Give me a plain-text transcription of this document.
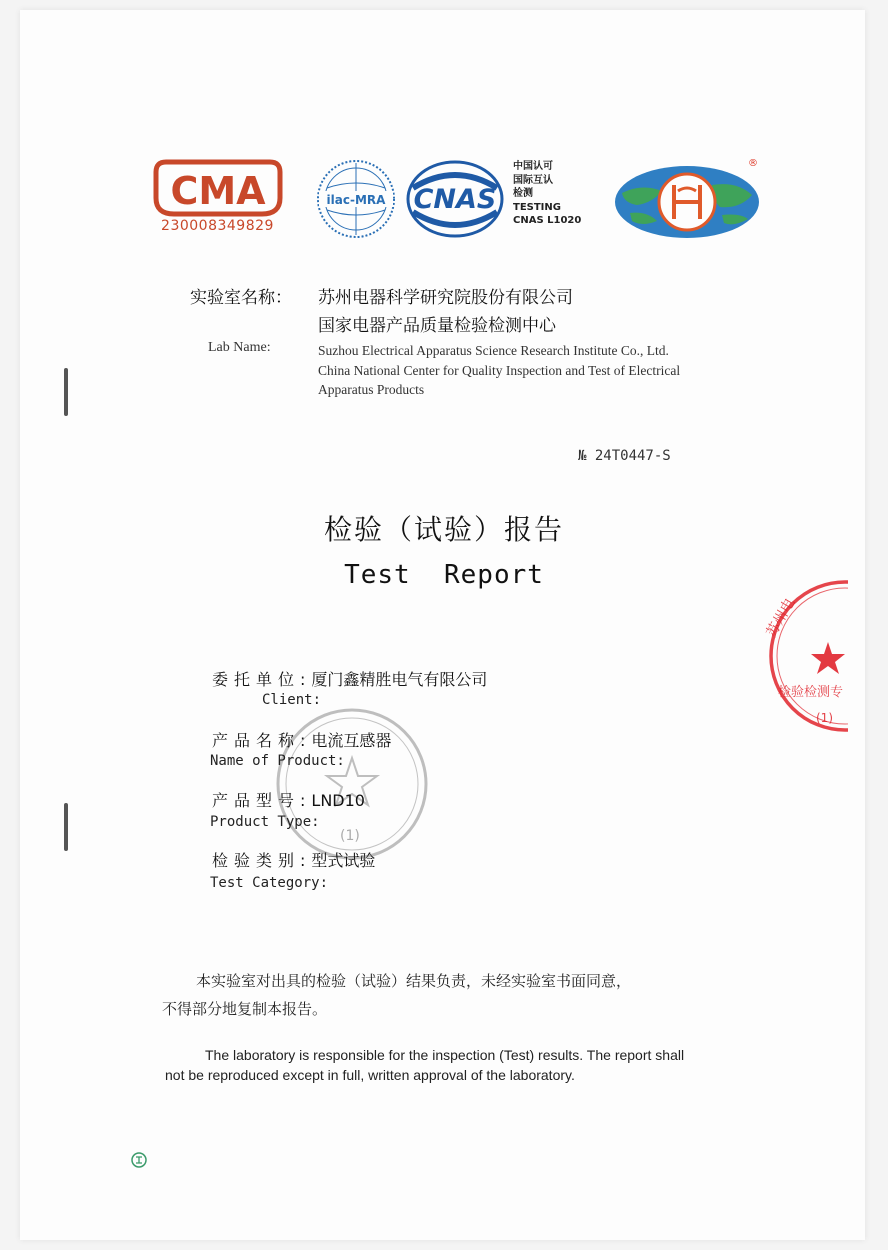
CMA
230008349829
ilac-MRA CNAS
中国认可
国际互认
检测
TESTING
CNAS L1020
®
实验室名称： 苏州电器科学研究院股份有限公司
国家电器产品质量检验检测中心
Lab Name:	Suzhou Electrical Apparatus Science Research Institute Co., Ltd.
China National Center for Quality Inspection and Test of Electrical
Apparatus Products
№ 24T0447-S
检验（试验）报告
Test  Report
苏州电
检验检测专
(1)
(1)
委托单位:厦门鑫精胜电气有限公司
Client:
产品名称:电流互感器
Name of Product:
产品型号:LND10
Product Type:
检验类别:型式试验
Test Category:
本实验室对出具的检验（试验）结果负责，未经实验室书面同意，
不得部分地复制本报告。
The laboratory is responsible for the inspection (Test) results. The report shall
not be reproduced except in full, written approval of the laboratory.
